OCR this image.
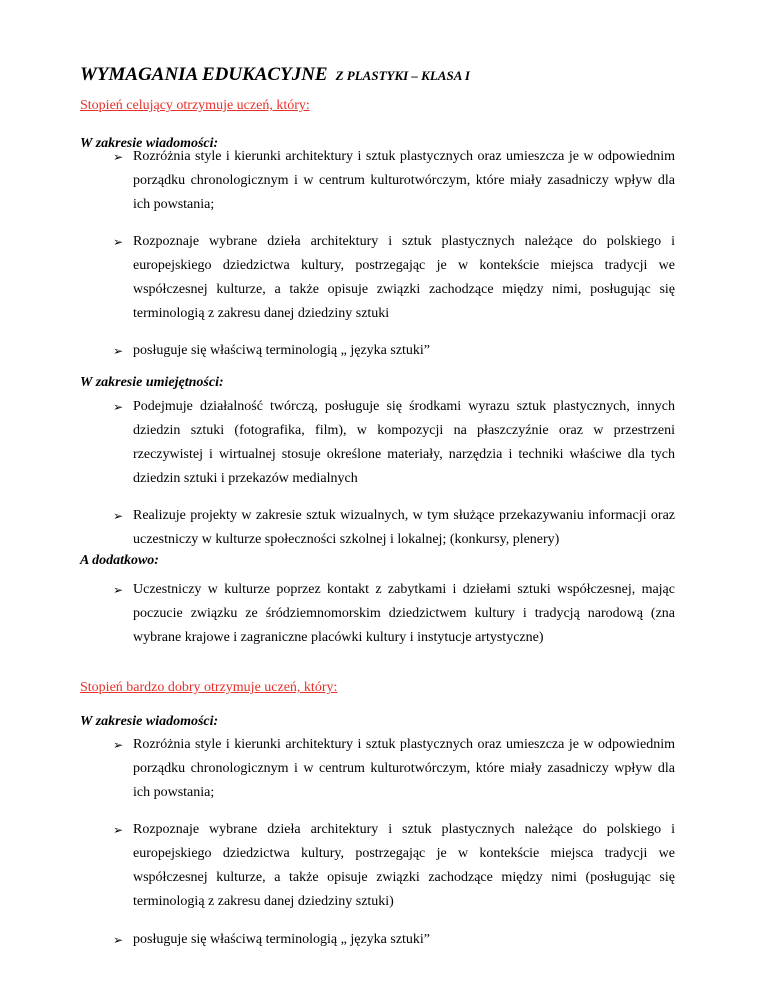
WYMAGANIA EDUKACYJNE Z PLASTYKI – KLASA I
Stopień celujący otrzymuje uczeń, który:
W zakresie wiadomości:
➢ Rozróżnia style i kierunki architektury i sztuk plastycznych oraz umieszcza je w odpowiednim porządku chronologicznym i w centrum kulturotwórczym, które miały zasadniczy wpływ dla ich powstania;
➢ Rozpoznaje wybrane dzieła architektury i sztuk plastycznych należące do polskiego i europejskiego dziedzictwa kultury, postrzegając je w kontekście miejsca tradycji we współczesnej kulturze, a także opisuje związki zachodzące między nimi, posługując się terminologią z zakresu danej dziedziny sztuki
➢ posługuje się właściwą terminologią „ języka sztuki”
W zakresie umiejętności:
➢ Podejmuje działalność twórczą, posługuje się środkami wyrazu sztuk plastycznych, innych dziedzin sztuki (fotografika, film), w kompozycji na płaszczyźnie oraz w przestrzeni rzeczywistej i wirtualnej stosuje określone materiały, narzędzia i techniki właściwe dla tych dziedzin sztuki i przekazów medialnych
➢ Realizuje projekty w zakresie sztuk wizualnych, w tym służące przekazywaniu informacji oraz uczestniczy w kulturze społeczności szkolnej i lokalnej; (konkursy, plenery)
A dodatkowo:
➢ Uczestniczy w kulturze poprzez kontakt z zabytkami i dziełami sztuki współczesnej, mając poczucie związku ze śródziemnomorskim dziedzictwem kultury i tradycją narodową (zna wybrane krajowe i zagraniczne placówki kultury i instytucje artystyczne)
Stopień bardzo dobry otrzymuje uczeń, który:
W zakresie wiadomości:
➢ Rozróżnia style i kierunki architektury i sztuk plastycznych oraz umieszcza je w odpowiednim porządku chronologicznym i w centrum kulturotwórczym, które miały zasadniczy wpływ dla ich powstania;
➢ Rozpoznaje wybrane dzieła architektury i sztuk plastycznych należące do polskiego i europejskiego dziedzictwa kultury, postrzegając je w kontekście miejsca tradycji we współczesnej kulturze, a także opisuje związki zachodzące między nimi (posługując się terminologią z zakresu danej dziedziny sztuki)
➢ posługuje się właściwą terminologią „ języka sztuki”
